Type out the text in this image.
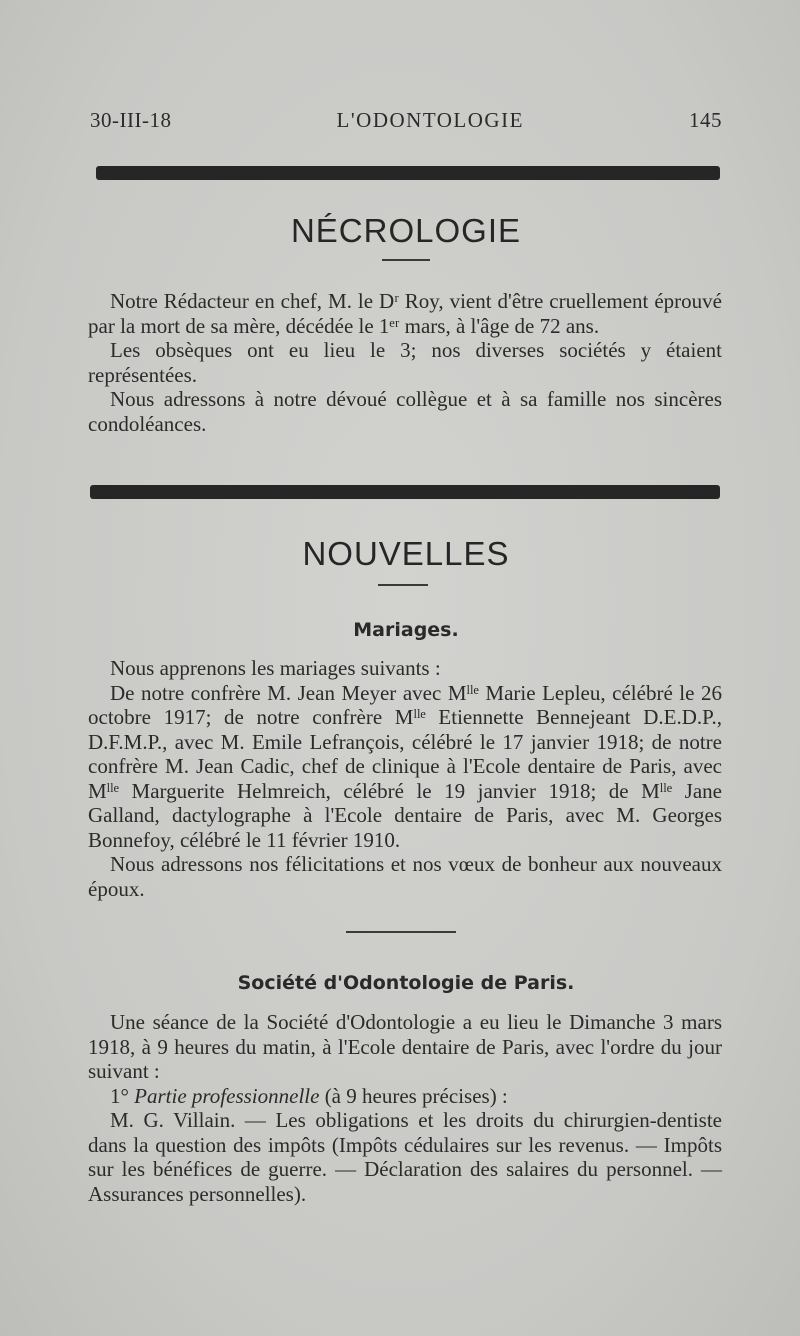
30-III-18	L'ODONTOLOGIE	145
NÉCROLOGIE

Notre Rédacteur en chef, M. le Dʳ Roy, vient d'être cruellement éprouvé par la mort de sa mère, décédée le 1ᵉʳ mars, à l'âge de 72 ans.

Les obsèques ont eu lieu le 3; nos diverses sociétés y étaient représentées.

Nous adressons à notre dévoué collègue et à sa famille nos sincères condoléances.

NOUVELLES
Mariages.

Nous apprenons les mariages suivants :

De notre confrère M. Jean Meyer avec Mˡˡᵉ Marie Lepleu, célébré le 26 octobre 1917; de notre confrère Mˡˡᵉ Etiennette Bennejeant D.E.D.P., D.F.M.P., avec M. Emile Lefrançois, célébré le 17 janvier 1918; de notre confrère M. Jean Cadic, chef de clinique à l'Ecole dentaire de Paris, avec Mˡˡᵉ Marguerite Helmreich, célébré le 19 janvier 1918; de Mˡˡᵉ Jane Galland, dactylographe à l'Ecole dentaire de Paris, avec M. Georges Bonnefoy, célébré le 11 février 1910.

Nous adressons nos félicitations et nos vœux de bonheur aux nouveaux époux.

Société d'Odontologie de Paris.

Une séance de la Société d'Odontologie a eu lieu le Dimanche 3 mars 1918, à 9 heures du matin, à l'Ecole dentaire de Paris, avec l'ordre du jour suivant :

1° Partie professionnelle (à 9 heures précises) :

M. G. Villain. — Les obligations et les droits du chirurgien-dentiste dans la question des impôts (Impôts cédulaires sur les revenus. — Impôts sur les bénéfices de guerre. — Déclaration des salaires du personnel. — Assurances personnelles).
